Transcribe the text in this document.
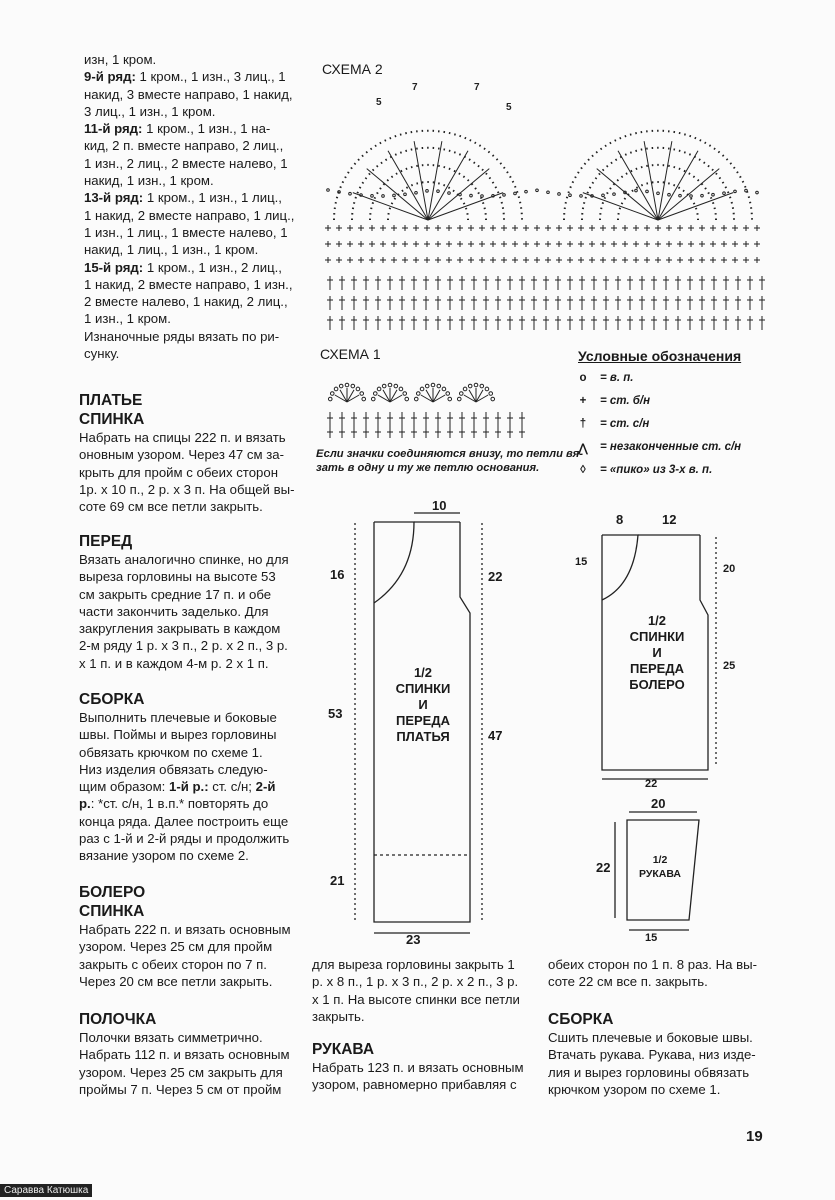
изн, 1 кром.

9-й ряд: 1 кром., 1 изн., 3 лиц., 1

накид, 3 вместе направо, 1 накид,

3 лиц., 1 изн., 1 кром.

11-й ряд: 1 кром., 1 изн., 1 на-

кид, 2 п. вместе направо, 2 лиц.,

1 изн., 2 лиц., 2 вместе налево, 1

накид, 1 изн., 1 кром.

13-й ряд: 1 кром., 1 изн., 1 лиц.,

1 накид, 2 вместе направо, 1 лиц.,

1 изн., 1 лиц., 1 вместе налево, 1

накид, 1 лиц., 1 изн., 1 кром.

15-й ряд: 1 кром., 1 изн., 2 лиц.,

1 накид, 2 вместе направо, 1 изн.,

2 вместе налево, 1 накид, 2 лиц.,

1 изн., 1 кром.

Изнаночные ряды вязать по ри-

сунку.

ПЛАТЬЕ

СПИНКА

Набрать на спицы 222 п. и вязать

оновным узором. Через 47 см за-

крыть для пройм с обеих сторон

1р. х 10 п., 2 р. х 3 п. На общей вы-

соте 69 см все петли закрыть.

ПЕРЕД

Вязать аналогично спинке, но для

выреза горловины на высоте 53

см закрыть средние 17 п. и обе

части закончить заделько. Для

закругления закрывать в каждом

2-м ряду 1 р. х 3 п., 2 р. х 2 п., 3 р.

х 1 п. и в каждом 4-м р. 2 х 1 п.

СБОРКА

Выполнить плечевые и боковые

швы. Поймы и вырез горловины

обвязать крючком по схеме 1.

Низ изделия обвязать следую-

щим образом: 1-й р.: ст. с/н; 2-й

р.: *ст. с/н, 1 в.п.* повторять до

конца ряда. Далее построить еще

раз с 1-й и 2-й ряды и продолжить

вязание узором по схеме 2.

БОЛЕРО

СПИНКА

Набрать 222 п. и вязать основным

узором. Через 25 см для пройм

закрыть с обеих сторон по 7 п.

Через 20 см все петли закрыть.

ПОЛОЧКА

Полочки вязать симметрично.

Набрать 112 п. и вязать основным

узором. Через 25 см закрыть для

проймы 7 п. Через 5 см от пройм

СХЕМА 2
5
7	7
5
СХЕМА 1	Условные обозначения
o	= в. п.
+	= ст. б/н
†	= ст. с/н
⋀	= незаконченные ст. с/н
◊	= «пико» из 3-х в. п.
Если значки соединяются внизу, то петли вя-
зать в одну и ту же петлю основания.
10
16	22
53
47
21
23
1/2
СПИНКИ
И
ПЕРЕДА
ПЛАТЬЯ
8	12
15
20
25
22
1/2
СПИНКИ
И
ПЕРЕДА
БОЛЕРО
20
22
15
1/2
РУКАВА

для выреза горловины закрыть 1

р. х 8 п., 1 р. х 3 п., 2 р. х 2 п., 3 р.

х 1 п. На высоте спинки все петли

закрыть.

РУКАВА

Набрать 123 п. и вязать основным

узором, равномерно прибавляя с

обеих сторон по 1 п. 8 раз. На вы-

соте 22 см все п. закрыть.

СБОРКА

Сшить плечевые и боковые швы.

Втачать рукава. Рукава, низ изде-

лия и вырез горловины обвязать

крючком узором по схеме 1.

19
Саравва Катюшка
